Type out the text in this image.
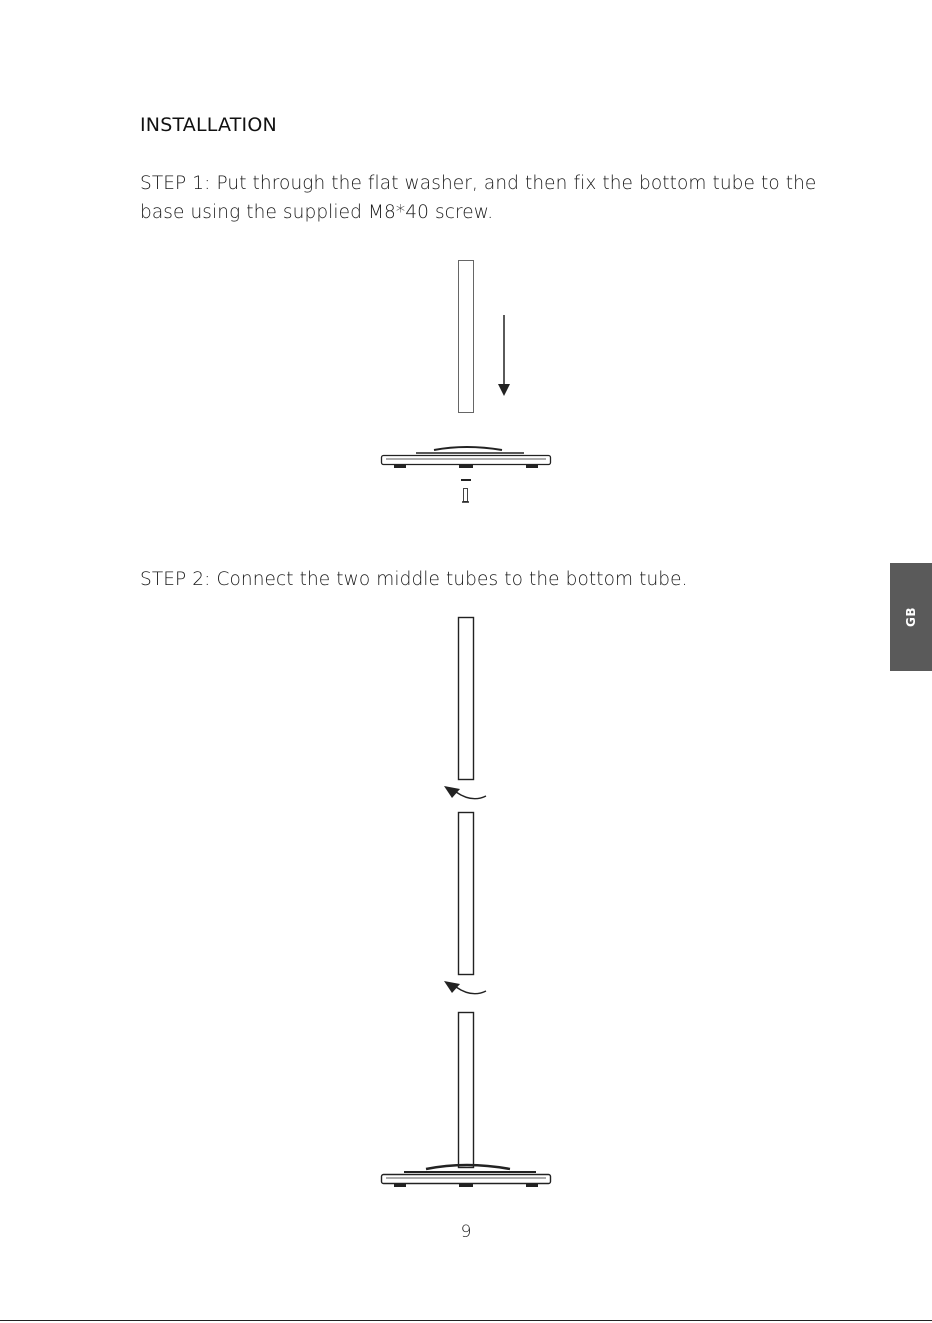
INSTALLATION
STEP 1: Put through the flat washer, and then fix the bottom tube to the base using the supplied M8*40 screw.
STEP 2: Connect the two middle tubes to the bottom tube.
GB
9
